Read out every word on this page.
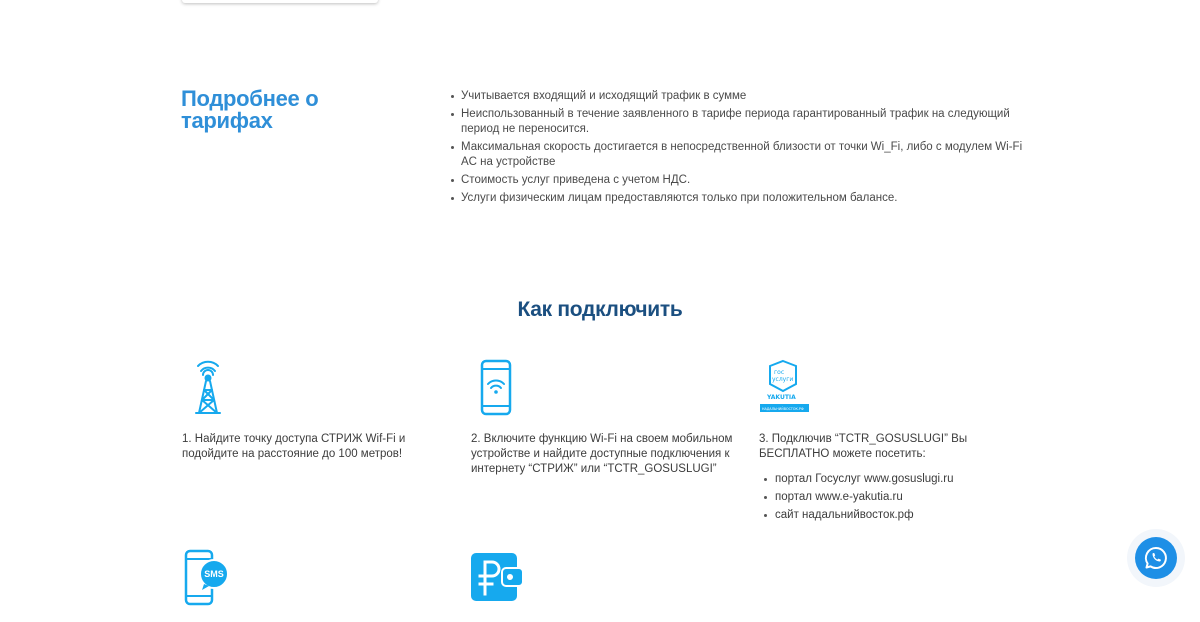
Подробнее о тарифах
Учитывается входящий и исходящий трафик в сумме
Неиспользованный в течение заявленного в тарифе периода гарантированный трафик на следующий период не переносится.
Максимальная скорость достигается в непосредственной близости от точки Wi_Fi, либо с модулем Wi-Fi AC на устройстве
Стоимость услуг приведена с учетом НДС.
Услуги физическим лицам предоставляются только при положительном балансе.
Как подключить

1. Найдите точку доступа СТРИЖ Wif-Fi и подойдите на расстояние до 100 метров!

2. Включите функцию Wi-Fi на своем мобильном устройстве и найдите доступные подключения к интернету “СТРИЖ” или “TCTR_GOSUSLUGI”

гос
услуги
YAKUTIA
НАДАЛЬНИЙВОСТОК.РФ

3. Подключив “TCTR_GOSUSLUGI” Вы БЕСПЛАТНО можете посетить:

портал Госуслуг www.gosuslugi.ru
портал www.e-yakutia.ru
сайт надальнийвосток.рф
SMS
